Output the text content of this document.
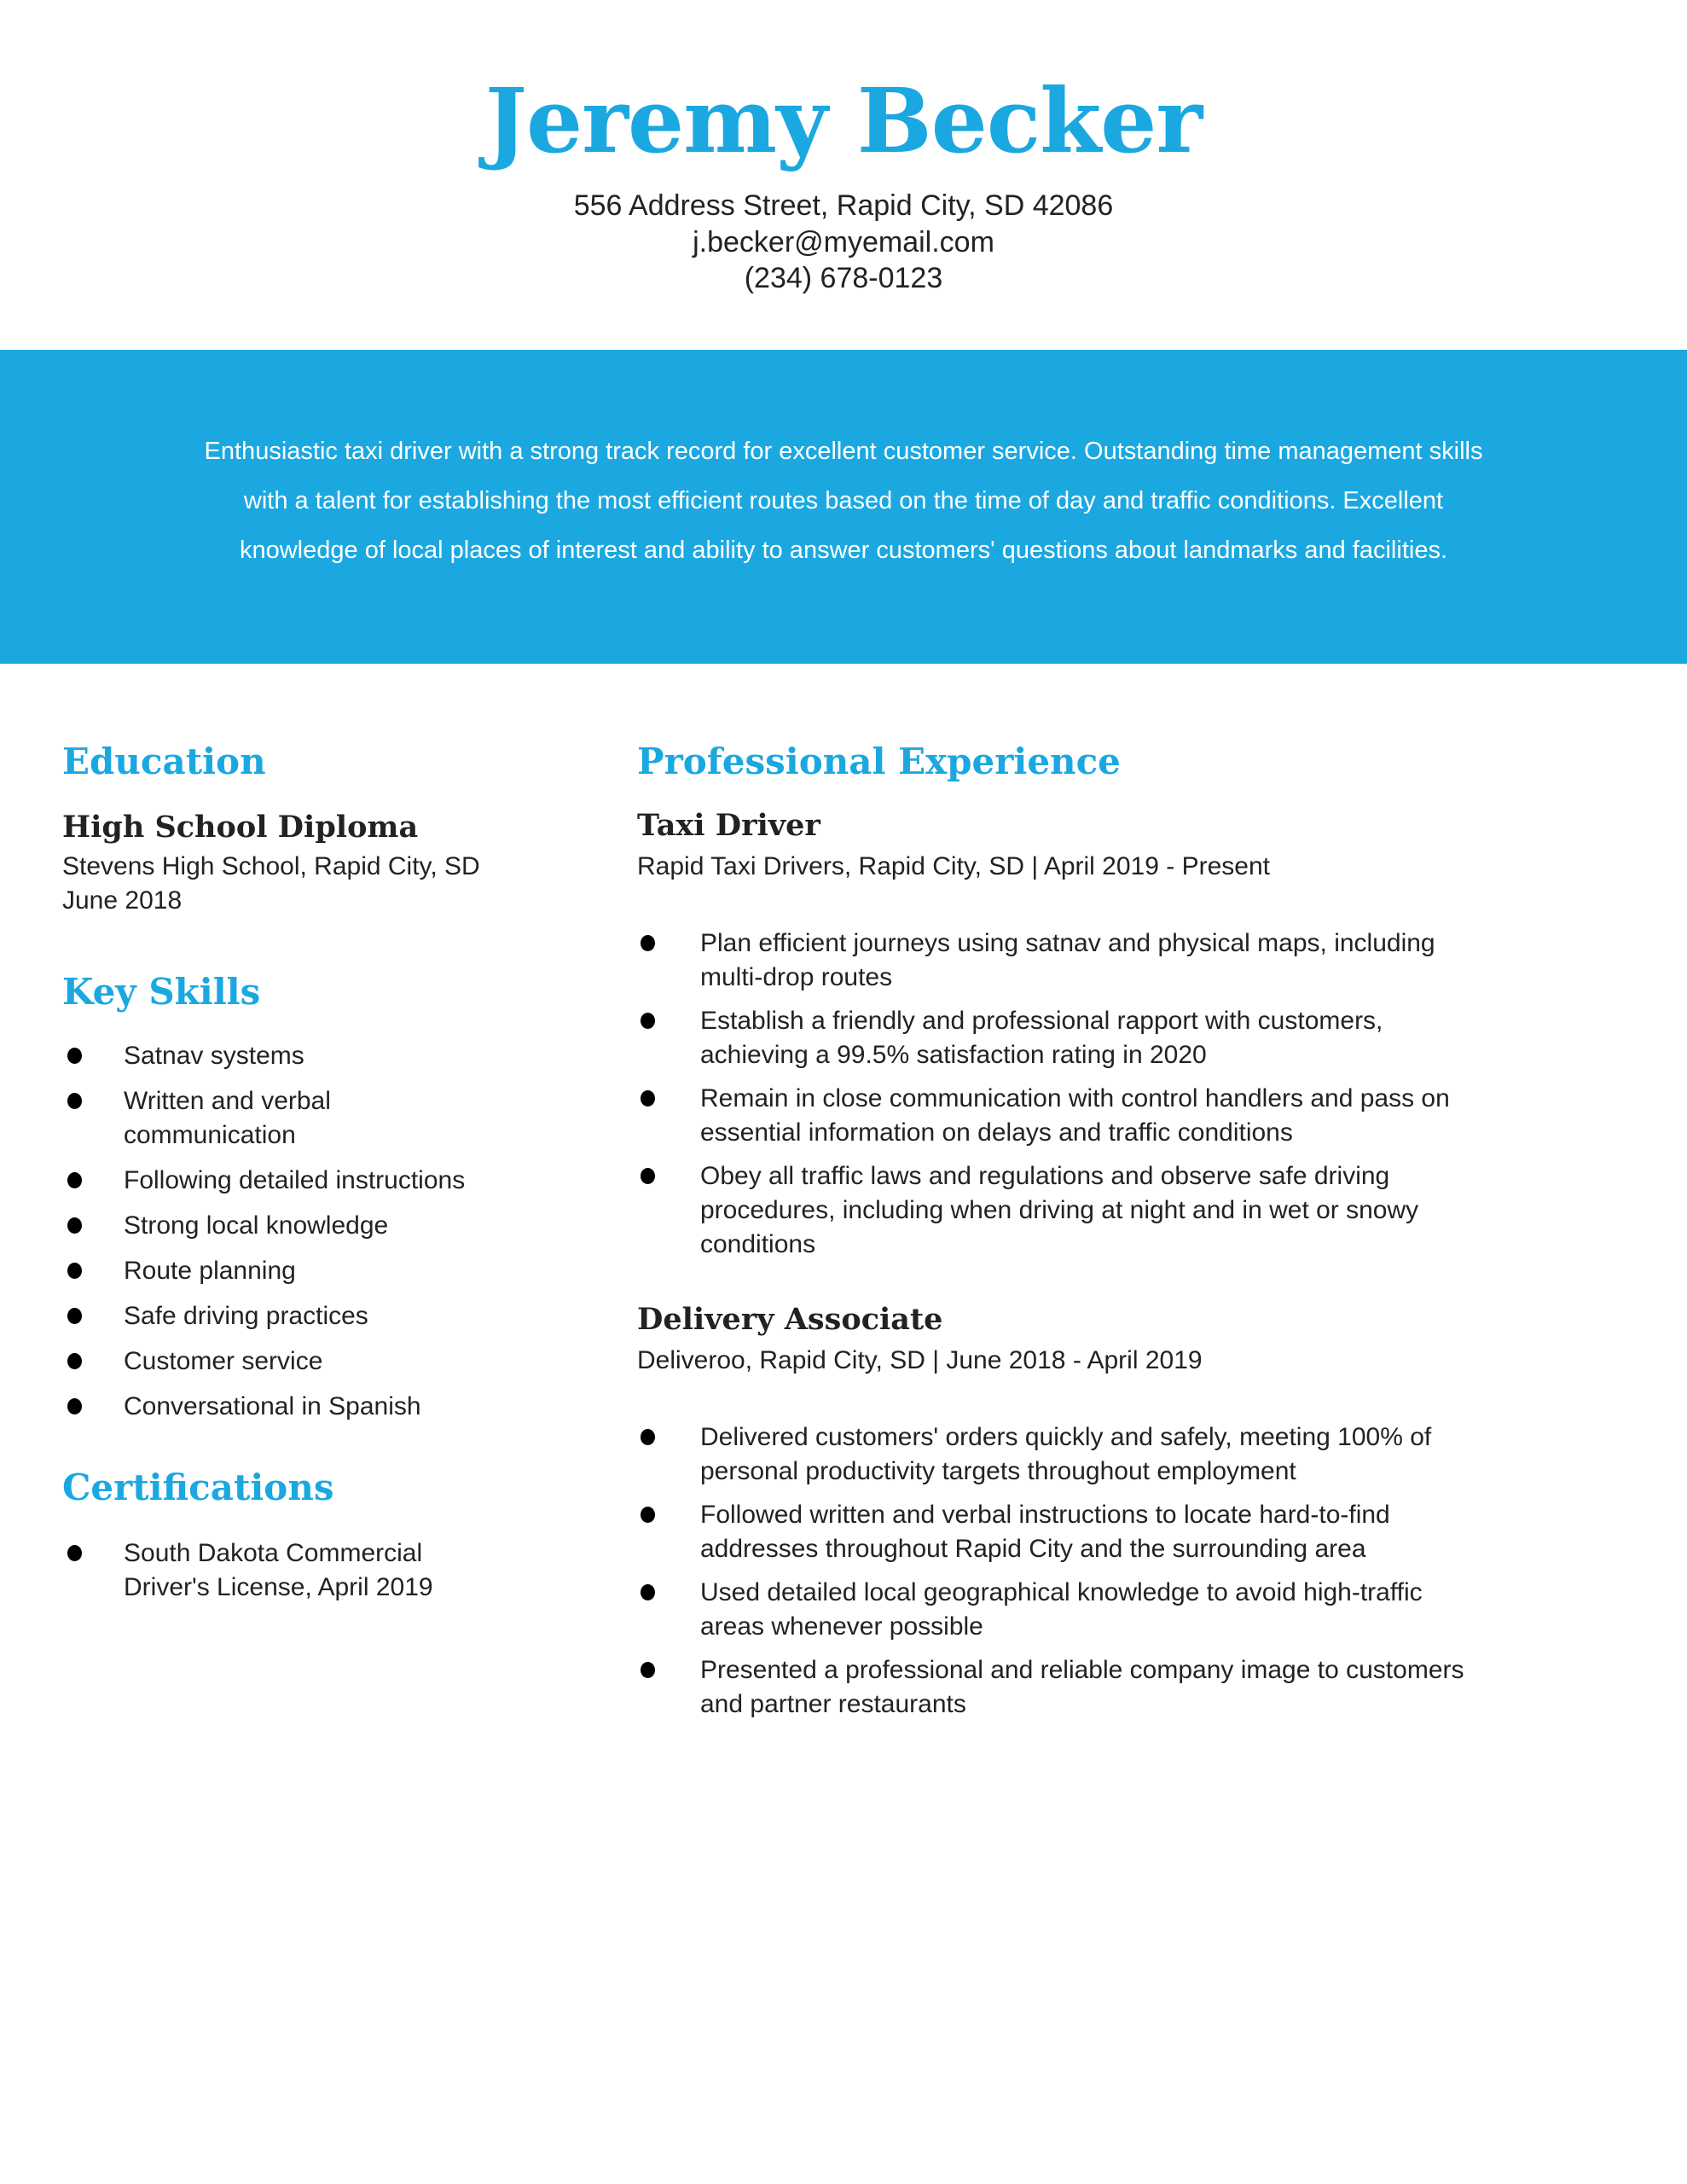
Jeremy Becker
556 Address Street, Rapid City, SD 42086
j.becker@myemail.com
(234) 678-0123
Enthusiastic taxi driver with a strong track record for excellent customer service. Outstanding time management skills
with a talent for establishing the most efficient routes based on the time of day and traffic conditions. Excellent
knowledge of local places of interest and ability to answer customers' questions about landmarks and facilities.
Education
High School Diploma
Stevens High School, Rapid City, SD
June 2018
Key Skills
Satnav systems
Written and verbal communication
Following detailed instructions
Strong local knowledge
Route planning
Safe driving practices
Customer service
Conversational in Spanish
Certifications
South Dakota Commercial Driver's License, April 2019
Professional Experience
Taxi Driver
Rapid Taxi Drivers, Rapid City, SD | April 2019 - Present
Plan efficient journeys using satnav and physical maps, including multi-drop routes
Establish a friendly and professional rapport with customers, achieving a 99.5% satisfaction rating in 2020
Remain in close communication with control handlers and pass on essential information on delays and traffic conditions
Obey all traffic laws and regulations and observe safe driving procedures, including when driving at night and in wet or snowy conditions
Delivery Associate
Deliveroo, Rapid City, SD | June 2018 - April 2019
Delivered customers' orders quickly and safely, meeting 100% of personal productivity targets throughout employment
Followed written and verbal instructions to locate hard-to-find addresses throughout Rapid City and the surrounding area
Used detailed local geographical knowledge to avoid high-traffic areas whenever possible
Presented a professional and reliable company image to customers and partner restaurants
